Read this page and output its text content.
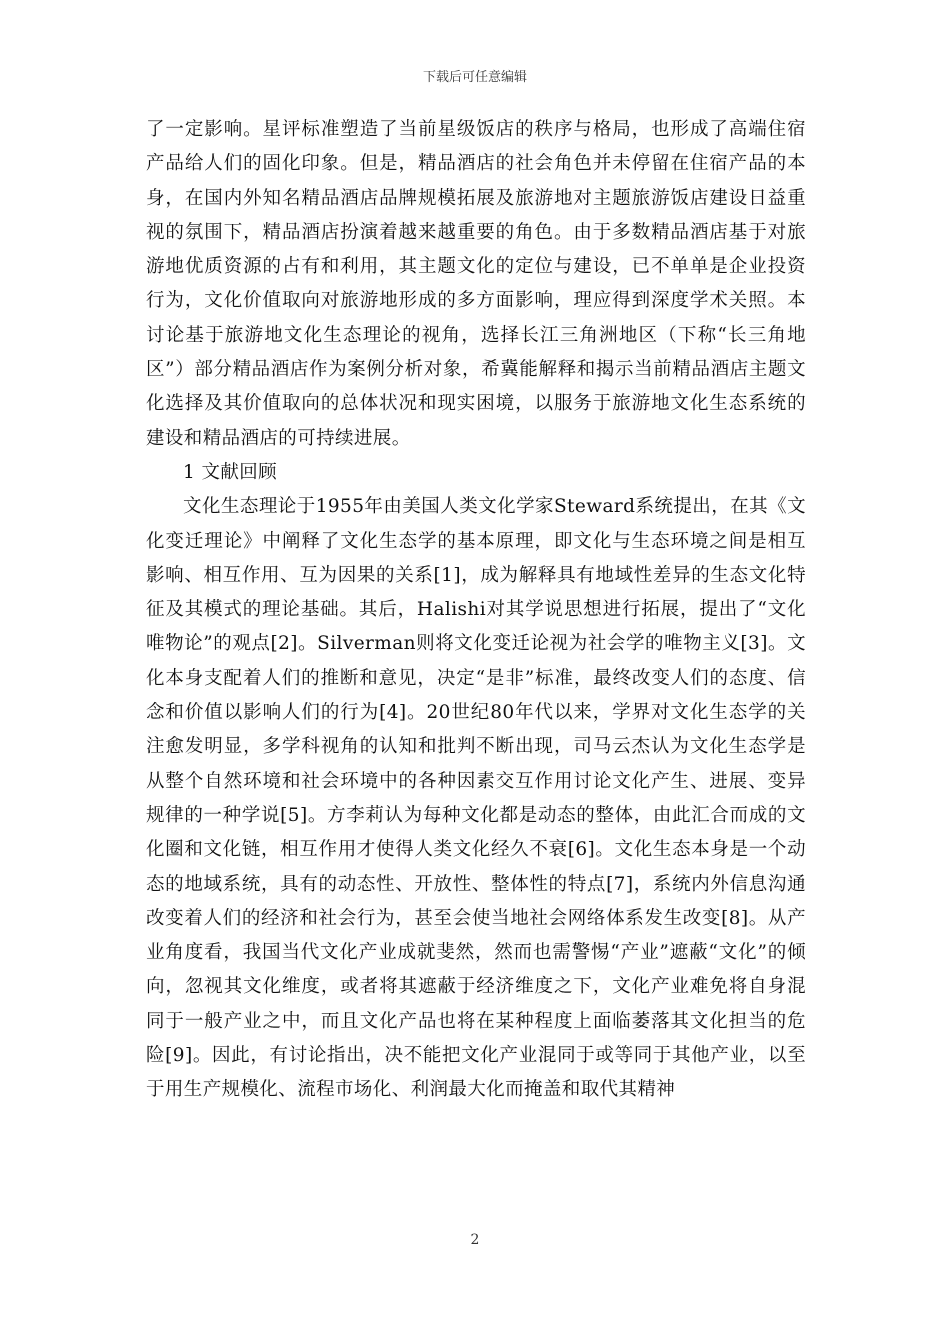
下载后可任意编辑

了一定影响。星评标准塑造了当前星级饭店的秩序与格局，也形成了高端住宿产品给人们的固化印象。但是，精品酒店的社会角色并未停留在住宿产品的本身，在国内外知名精品酒店品牌规模拓展及旅游地对主题旅游饭店建设日益重视的氛围下，精品酒店扮演着越来越重要的角色。由于多数精品酒店基于对旅游地优质资源的占有和利用，其主题文化的定位与建设，已不单单是企业投资行为，文化价值取向对旅游地形成的多方面影响，理应得到深度学术关照。本讨论基于旅游地文化生态理论的视角，选择长江三角洲地区（下称“长三角地区”）部分精品酒店作为案例分析对象，希冀能解释和揭示当前精品酒店主题文化选择及其价值取向的总体状况和现实困境，以服务于旅游地文化生态系统的建设和精品酒店的可持续进展。

1 文献回顾

文化生态理论于1955年由美国人类文化学家Steward系统提出，在其《文化变迁理论》中阐释了文化生态学的基本原理，即文化与生态环境之间是相互影响、相互作用、互为因果的关系[1]，成为解释具有地域性差异的生态文化特征及其模式的理论基础。其后，Halishi对其学说思想进行拓展，提出了“文化唯物论”的观点[2]。Silverman则将文化变迁论视为社会学的唯物主义[3]。文化本身支配着人们的推断和意见，决定“是非”标准，最终改变人们的态度、信念和价值以影响人们的行为[4]。20世纪80年代以来，学界对文化生态学的关注愈发明显，多学科视角的认知和批判不断出现，司马云杰认为文化生态学是从整个自然环境和社会环境中的各种因素交互作用讨论文化产生、进展、变异规律的一种学说[5]。方李莉认为每种文化都是动态的整体，由此汇合而成的文化圈和文化链，相互作用才使得人类文化经久不衰[6]。文化生态本身是一个动态的地域系统，具有的动态性、开放性、整体性的特点[7]，系统内外信息沟通改变着人们的经济和社会行为，甚至会使当地社会网络体系发生改变[8]。从产业角度看，我国当代文化产业成就斐然，然而也需警惕“产业”遮蔽“文化”的倾向，忽视其文化维度，或者将其遮蔽于经济维度之下，文化产业难免将自身混同于一般产业之中，而且文化产品也将在某种程度上面临萎落其文化担当的危险[9]。因此，有讨论指出，决不能把文化产业混同于或等同于其他产业，以至于用生产规模化、流程市场化、利润最大化而掩盖和取代其精神

2
